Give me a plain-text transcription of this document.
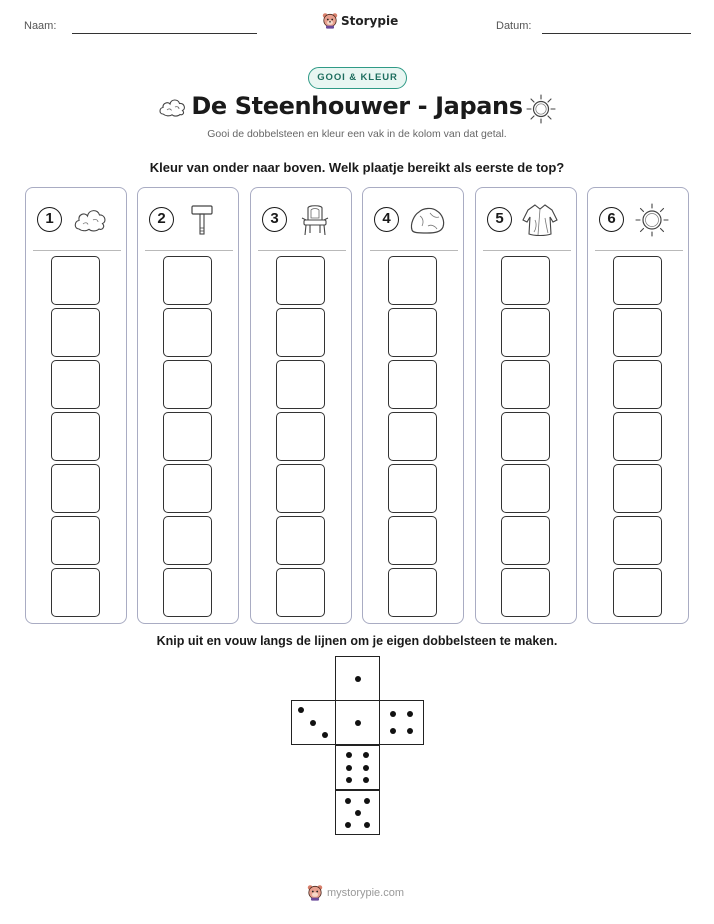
Naam:	Datum:
Storypie
GOOI & KLEUR
De Steenhouwer - Japans
Gooi de dobbelsteen en kleur een vak in de kolom van dat getal.
Kleur van onder naar boven. Welk plaatje bereikt als eerste de top?
1	2	3	4	5	6
Knip uit en vouw langs de lijnen om je eigen dobbelsteen te maken.
mystorypie.com
